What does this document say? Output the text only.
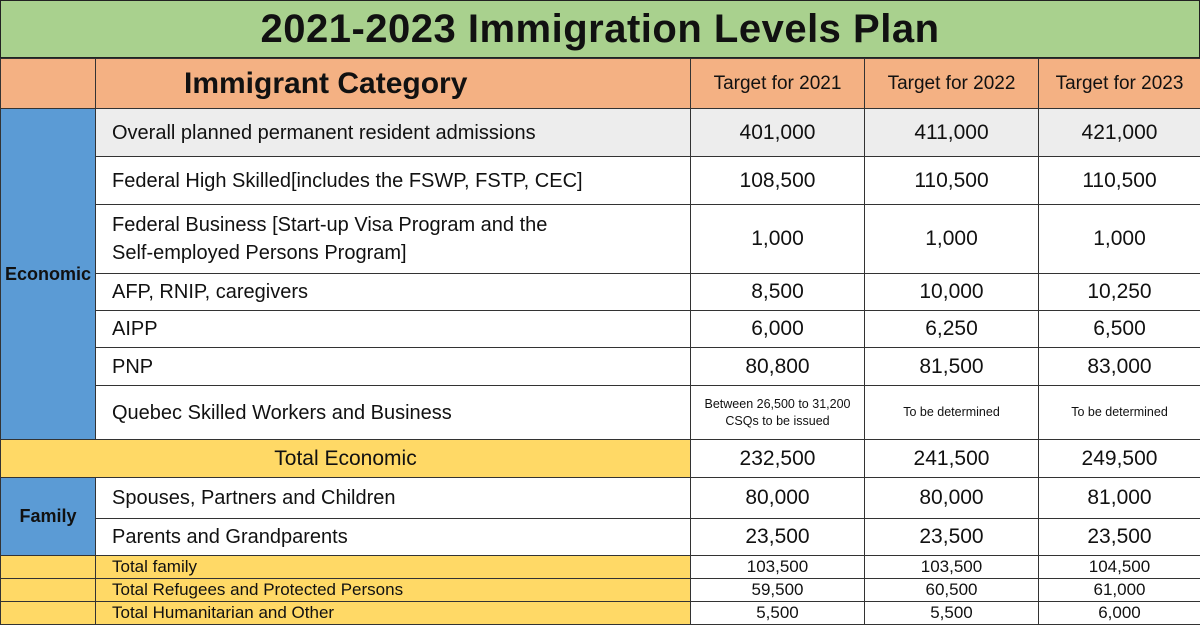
2021-2023 Immigration Levels Plan
	Immigrant Category	Target for 2021	Target for 2022	Target for 2023
Economic	Overall planned permanent resident admissions	401,000	411,000	421,000
	Federal High Skilled[includes the FSWP, FSTP, CEC]	108,500	110,500	110,500

	Federal Business [Start-up Visa Program and the
Self-employed Persons Program]	1,000	1,000	1,000
	AFP, RNIP, caregivers	8,500	10,000	10,250
	AIPP	6,000	6,250	6,500
	PNP	80,800	81,500	83,000
	Quebec Skilled Workers and Business	Between 26,500 to 31,200
CSQs to be issued	To be determined	To be determined
Total Economic		232,500	241,500	249,500
Family	Spouses, Partners and Children	80,000	80,000	81,000
	Parents and Grandparents	23,500	23,500	23,500
	Total family	103,500	103,500	104,500
	Total Refugees and Protected Persons	59,500	60,500	61,000
	Total Humanitarian and Other	5,500	5,500	6,000
